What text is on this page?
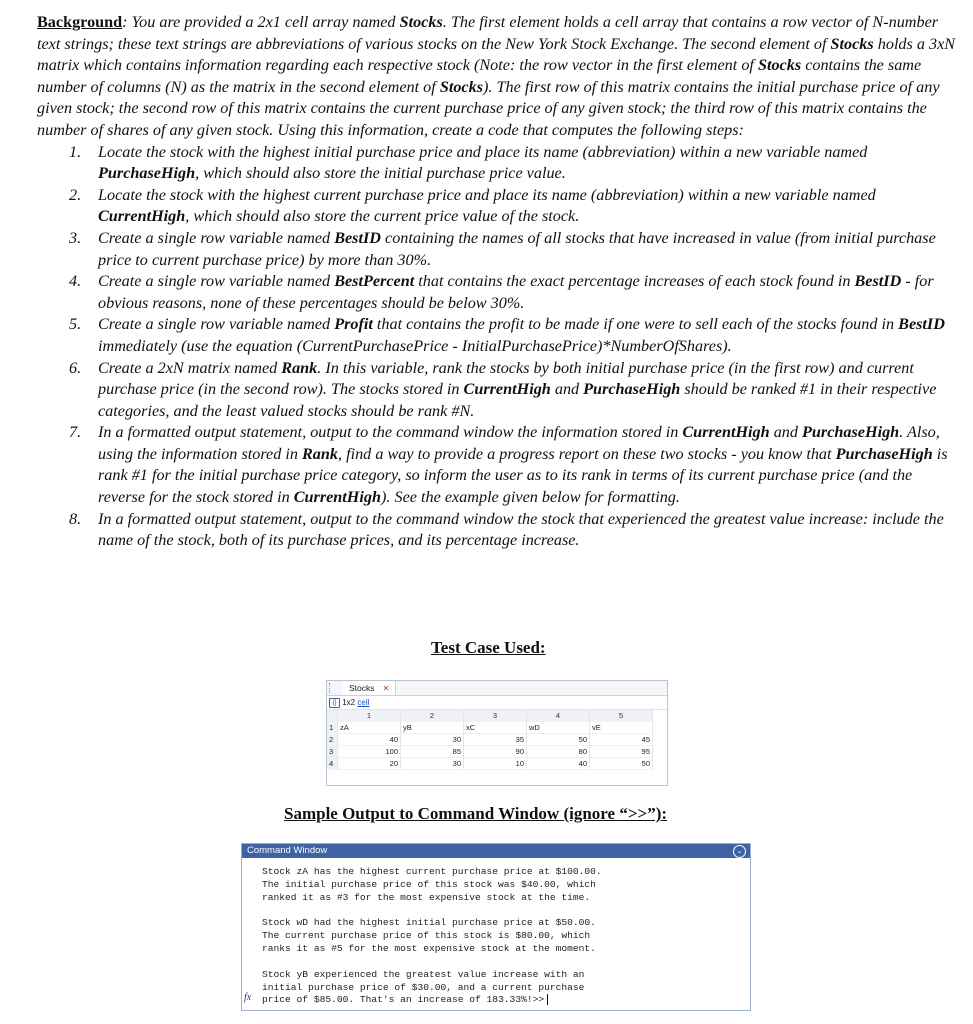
Background: You are provided a 2x1 cell array named Stocks. The first element holds a cell array that contains a row vector of N-number text strings; these text strings are abbreviations of various stocks on the New York Stock Exchange. The second element of Stocks holds a 3xN matrix which contains information regarding each respective stock (Note: the row vector in the first element of Stocks contains the same number of columns (N) as the matrix in the second element of Stocks). The first row of this matrix contains the initial purchase price of any given stock; the second row of this matrix contains the current purchase price of any given stock; the third row of this matrix contains the number of shares of any given stock. Using this information, create a code that computes the following steps:

1. Locate the stock with the highest initial purchase price and place its name (abbreviation) within a new variable named PurchaseHigh, which should also store the initial purchase price value.
2. Locate the stock with the highest current purchase price and place its name (abbreviation) within a new variable named CurrentHigh, which should also store the current price value of the stock.
3. Create a single row variable named BestID containing the names of all stocks that have increased in value (from initial purchase price to current purchase price) by more than 30%.
4. Create a single row variable named BestPercent that contains the exact percentage increases of each stock found in BestID - for obvious reasons, none of these percentages should be below 30%.
5. Create a single row variable named Profit that contains the profit to be made if one were to sell each of the stocks found in BestID immediately (use the equation (CurrentPurchasePrice - InitialPurchasePrice)*NumberOfShares).
6. Create a 2xN matrix named Rank. In this variable, rank the stocks by both initial purchase price (in the first row) and current purchase price (in the second row). The stocks stored in CurrentHigh and PurchaseHigh should be ranked #1 in their respective categories, and the least valued stocks should be rank #N.
7. In a formatted output statement, output to the command window the information stored in CurrentHigh and PurchaseHigh. Also, using the information stored in Rank, find a way to provide a progress report on these two stocks - you know that PurchaseHigh is rank #1 for the initial purchase price category, so inform the user as to its rank in terms of its current purchase price (and the reverse for the stock stored in CurrentHigh). See the example given below for formatting.
8. In a formatted output statement, output to the command window the stock that experienced the greatest value increase: include the name of the stock, both of its purchase prices, and its percentage increase.
Test Case Used:
Stocks ✕
{} 1x2 cell
	1	2	3	4	5
1	zA	yB	xC	wD	vE
2	40	30	35	50	45
3	100	85	90	80	95
4	20	30	10	40	50
Sample Output to Command Window (ignore “>>”):
Command Window	⌄

Stock zA has the highest current purchase price at $100.00.
The initial purchase price of this stock was $40.00, which
ranked it as #3 for the most expensive stock at the time.

Stock wD had the highest initial purchase price at $50.00.
The current purchase price of this stock is $80.00, which
ranks it as #5 for the most expensive stock at the moment.

Stock yB experienced the greatest value increase with an
initial purchase price of $30.00, and a current purchase
price of $85.00. That's an increase of 183.33%!>>

fx
